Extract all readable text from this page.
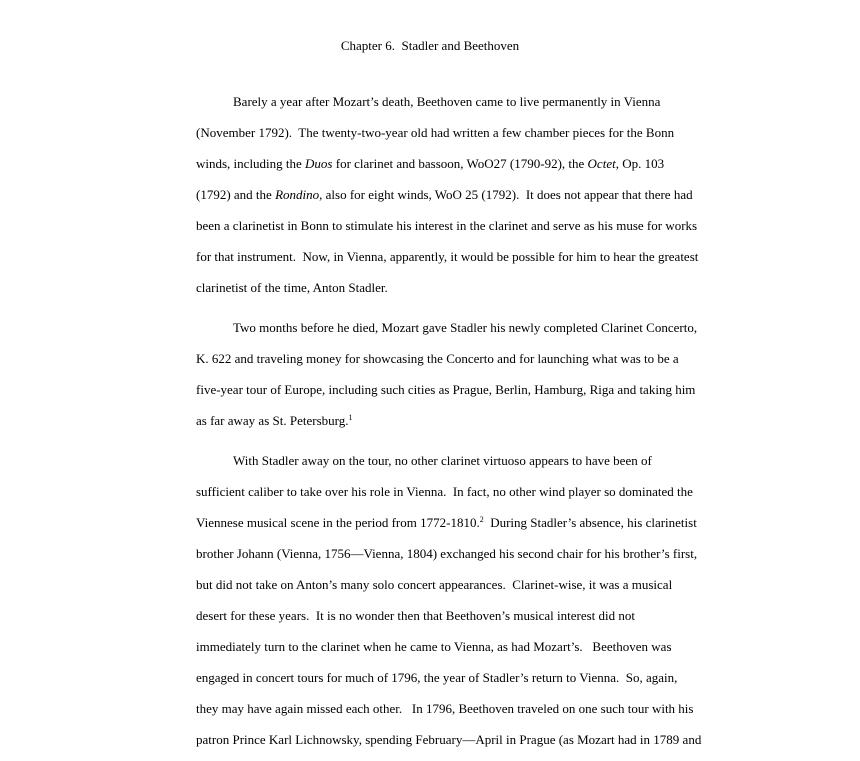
Chapter 6.  Stadler and Beethoven
Barely a year after Mozart’s death, Beethoven came to live permanently in Vienna
(November 1792).  The twenty-two-year old had written a few chamber pieces for the Bonn
winds, including the Duos for clarinet and bassoon, WoO27 (1790-92), the Octet, Op. 103
(1792) and the Rondino, also for eight winds, WoO 25 (1792).  It does not appear that there had
been a clarinetist in Bonn to stimulate his interest in the clarinet and serve as his muse for works
for that instrument.  Now, in Vienna, apparently, it would be possible for him to hear the greatest
clarinetist of the time, Anton Stadler.
Two months before he died, Mozart gave Stadler his newly completed Clarinet Concerto,
K. 622 and traveling money for showcasing the Concerto and for launching what was to be a
five-year tour of Europe, including such cities as Prague, Berlin, Hamburg, Riga and taking him
as far away as St. Petersburg.$^1$
With Stadler away on the tour, no other clarinet virtuoso appears to have been of
sufficient caliber to take over his role in Vienna.  In fact, no other wind player so dominated the
Viennese musical scene in the period from 1772-1810.$^2$  During Stadler’s absence, his clarinetist
brother Johann (Vienna, 1756—Vienna, 1804) exchanged his second chair for his brother’s first,
but did not take on Anton’s many solo concert appearances.  Clarinet-wise, it was a musical
desert for these years.  It is no wonder then that Beethoven’s musical interest did not
immediately turn to the clarinet when he came to Vienna, as had Mozart’s.   Beethoven was
engaged in concert tours for much of 1796, the year of Stadler’s return to Vienna.  So, again,
they may have again missed each other.   In 1796, Beethoven traveled on one such tour with his
patron Prince Karl Lichnowsky, spending February—April in Prague (as Mozart had in 1789 and
